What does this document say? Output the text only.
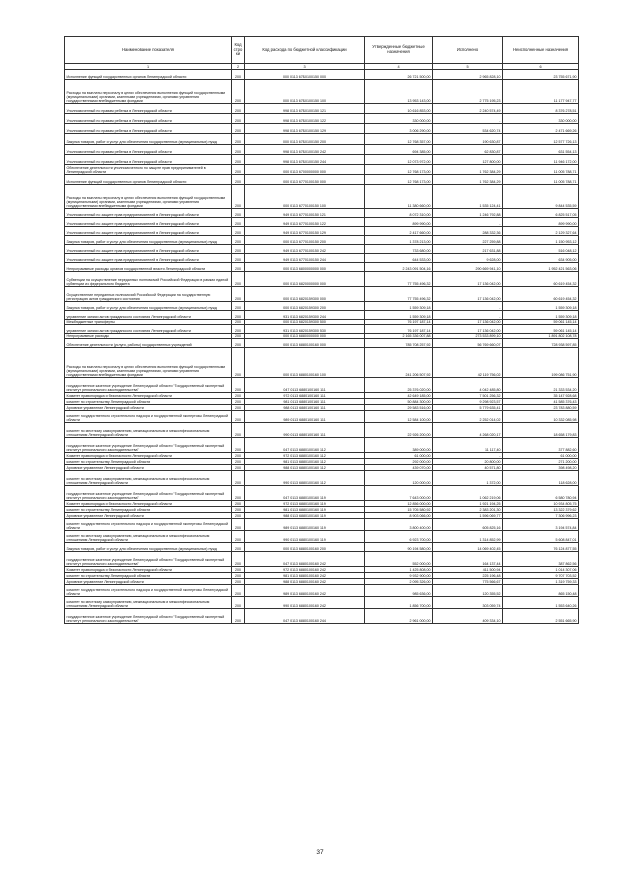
Наименование показателя	Код стро ки	Код расхода по бюджетной классификации	Утвержденные бюджетные назначения	Исполнено	Неисполненные назначения
1	2	3	4	5	6
Исполнение функций государственных органов Ленинградской области	200	000 0113 67Б0100150 000	26 721 500,00	2 965 828,10	23 755 671,90
Расходы на выплаты персоналу в целях обеспечения выполнения функций государственными (муниципальными) органами, казенными учреждениями, органами управления государственными внебюджетными фондами	200	000 0113 67Б0100150 100	13 953 143,00	2 775 195,23	11 177 947,77
Уполномоченный по правам ребенка в Ленинградской области	200	998 0113 67Б0100150 121	10 616 853,00	2 240 574,49	8 376 278,51
Уполномоченный по правам ребенка в Ленинградской области	200	998 0113 67Б0100150 122	330 000,00	-	330 000,00
Уполномоченный по правам ребенка в Ленинградской области	200	998 0113 67Б0100150 129	3 006 290,00	534 620,74	2 471 669,26
Закупка товаров, работ и услуг для обеспечения государственных (муниципальных) нужд	200	000 0113 67Б0100150 200	12 768 357,00	190 630,87	12 577 726,13
Уполномоченный по правам ребенка в Ленинградской области	200	998 0113 67Б0100150 242	694 385,00	62 830,87	631 554,13
Уполномоченный по правам ребенка в Ленинградской области	200	998 0113 67Б0100150 244	12 073 972,00	127 800,00	11 946 172,00
Обеспечение деятельности уполномоченного по защите прав предпринимателей в Ленинградской области	200	000 0113 6700000000 000	12 768 173,00	1 762 384,29	11 005 788,71
Исполнение функций государственных органов Ленинградской области	200	000 0113 6770100150 000	12 768 173,00	1 762 384,29	11 005 788,71
Расходы на выплаты персоналу в целях обеспечения выполнения функций государственными (муниципальными) органами, казенными учреждениями, органами управления государственными внебюджетными фондами	200	000 0113 6770100150 100	11 380 660,00	1 535 124,41	9 844 535,59
Уполномоченный по защите прав предпринимателей в Ленинградской области	200	949 0113 6770100150 121	8 072 310,00	1 246 792,88	6 825 517,05
Уполномоченный по защите прав предпринимателей в Ленинградской области	200	949 0113 6770100150 122	899 990,00	-	899 990,00
Уполномоченный по защите прав предпринимателей в Ленинградской области	200	949 0113 6770100150 129	2 417 660,00	288 332,36	2 129 327,64
Закупка товаров, работ и услуг для обеспечения государственных (муниципальных) нужд	200	000 0113 6770100150 200	1 378 213,00	227 259,88	1 150 953,12
Уполномоченный по защите прав предпринимателей в Ленинградской области	200	949 0113 6770100150 242	733 680,00	217 631,88	516 048,12
Уполномоченный по защите прав предпринимателей в Ленинградской области	200	949 0113 6770100150 244	644 533,00	9 628,00	634 905,00
Непрограммные расходы органов государственной власти Ленинградской области	200	000 0113 6800000000 000	2 243 091 504,16	290 669 941,10	1 952 421 563,06
Субвенции на осуществление переданных полномочий Российской Федерации в рамках единой субвенции из федерального бюджета	200	000 0113 6820000000 000	77 755 496,32	17 136 042,00	60 619 454,32
Осуществление переданных полномочий Российской Федерации на государственную регистрацию актов гражданского состояния	200	000 0113 6820159300 000	77 755 496,32	17 136 042,00	60 619 454,32
Закупка товаров, работ и услуг для обеспечения государственных (муниципальных) нужд	200	000 0113 6820159300 200	1 559 309,18	-	1 559 309,18
управление записи актов гражданского состояния Ленинградской области	200	931 0113 6820159300 244	1 559 309,18	-	1 559 309,18
Межбюджетные трансферты	200	000 0113 6820159300 500	76 197 187,14	17 136 042,00	59 061 145,14
управление записи актов гражданского состояния Ленинградской области	200	931 0113 6820159300 530	76 197 187,14	17 136 042,00	59 061 145,14
Непрограммные расходы	200	000 0113 6880000000 000	2 165 336 007,88	273 533 899,10	1 891 802 108,78
Обеспечение деятельности (услуги, работы) государственных учреждений	200	000 0113 6880100160 000	785 708 257,92	56 769 660,07	728 938 597,85
Расходы на выплаты персоналу в целях обеспечения выполнения функций государственными (муниципальными) органами, казенными учреждениями, органами управления государственными внебюджетными фондами	200	000 0113 6880100160 100	241 206 507,92	42 119 756,02	199 086 751,90
государственное казенное учреждение Ленинградской области "Государственный экспертный институт регионального законодательства"	200	047 0113 6880100160 111	25 376 020,00	4 042 485,80	21 333 534,20
Комитет правопорядка и безопасности Ленинградской области	200	972 0113 6880100160 111	42 649 185,00	7 501 256,32	35 147 928,68
комитет по строительству Ленинградской области	200	981 0113 6880100160 111	50 884 300,00	9 298 923,57	41 585 376,43
Архивное управление Ленинградской области	200	988 0113 6880100160 111	29 583 516,00	5 779 635,41	23 783 880,59
комитет государственного строительного надзора и государственной экспертизы Ленинградской области	200	989 0113 6880100160 111	12 584 100,00	2 252 014,02	10 332 085,98
комитет по местному самоуправлению, межнациональным и межконфессиональным отношениям Ленинградской области	200	990 0113 6880100160 111	22 926 200,00	4 268 020,17	18 658 179,83
государственное казенное учреждение Ленинградской области "Государственный экспертный институт регионального законодательства"	200	047 0113 6880100160 112	389 000,00	11 117,40	377 882,60
Комитет правопорядка и безопасности Ленинградской области	200	972 0113 6880100160 112	61 000,00	-	61 000,00
комитет по строительству Ленинградской области	200	981 0113 6880100160 112	292 000,00	20 800,00	271 200,00
Архивное управление Ленинградской области	200	988 0113 6880100160 112	439 070,00	40 571,80	398 498,20
комитет по местному самоуправлению, межнациональным и межконфессиональным отношениям Ленинградской области	200	990 0113 6880100160 112	120 000,00	1 372,00	118 628,00
государственное казенное учреждение Ленинградской области "Государственный экспертный институт регионального законодательства"	200	047 0113 6880100160 119	7 643 000,00	1 062 219,06	6 580 780,94
Комитет правопорядка и безопасности Ленинградской области	200	972 0113 6880100160 119	12 856 000,00	1 921 194,25	10 934 805,75
комитет по строительству Ленинградской области	200	981 0113 6880100160 119	15 705 580,92	2 383 201,30	13 322 379,62
Архивное управление Ленинградской области	200	988 0113 6880100160 119	8 903 066,00	1 596 069,77	7 306 996,23
комитет государственного строительного надзора и государственной экспертизы Ленинградской области	200	989 0113 6880100160 119	3 800 400,00	605 825,16	3 194 574,84
комитет по местному самоуправлению, межнациональным и межконфессиональным отношениям Ленинградской области	200	990 0113 6880100160 119	6 923 700,00	1 314 852,99	5 608 847,01
Закупка товаров, работ и услуг для обеспечения государственных (муниципальных) нужд	200	000 0113 6880100160 200	90 194 580,00	14 069 402,45	76 124 877,55
государственное казенное учреждение Ленинградской области "Государственный экспертный институт регионального законодательства"	200	047 0113 6880100160 242	552 000,00	164 137,44	387 862,56
Комитет правопорядка и безопасности Ленинградской области	200	972 0113 6880100160 242	1 425 808,00	411 500,94	1 014 307,06
комитет по строительству Ленинградской области	200	981 0113 6880100160 242	9 932 900,00	225 196,48	9 707 703,52
Архивное управление Ленинградской области	200	988 0113 6880100160 242	2 095 326,00	775 566,67	1 319 759,33
комитет государственного строительного надзора и государственной экспертизы Ленинградской области	200	989 0113 6880100160 242	985 636,00	120 355,52	865 150,48
комитет по местному самоуправлению, межнациональным и межконфессиональным отношениям Ленинградской области	200	990 0113 6880100160 242	1 856 700,00	303 059,74	1 553 640,26
государственное казенное учреждение Ленинградской области "Государственный экспертный институт регионального законодательства"	200	047 0113 6880100160 244	2 961 000,00	409 334,10	2 551 665,90
37
